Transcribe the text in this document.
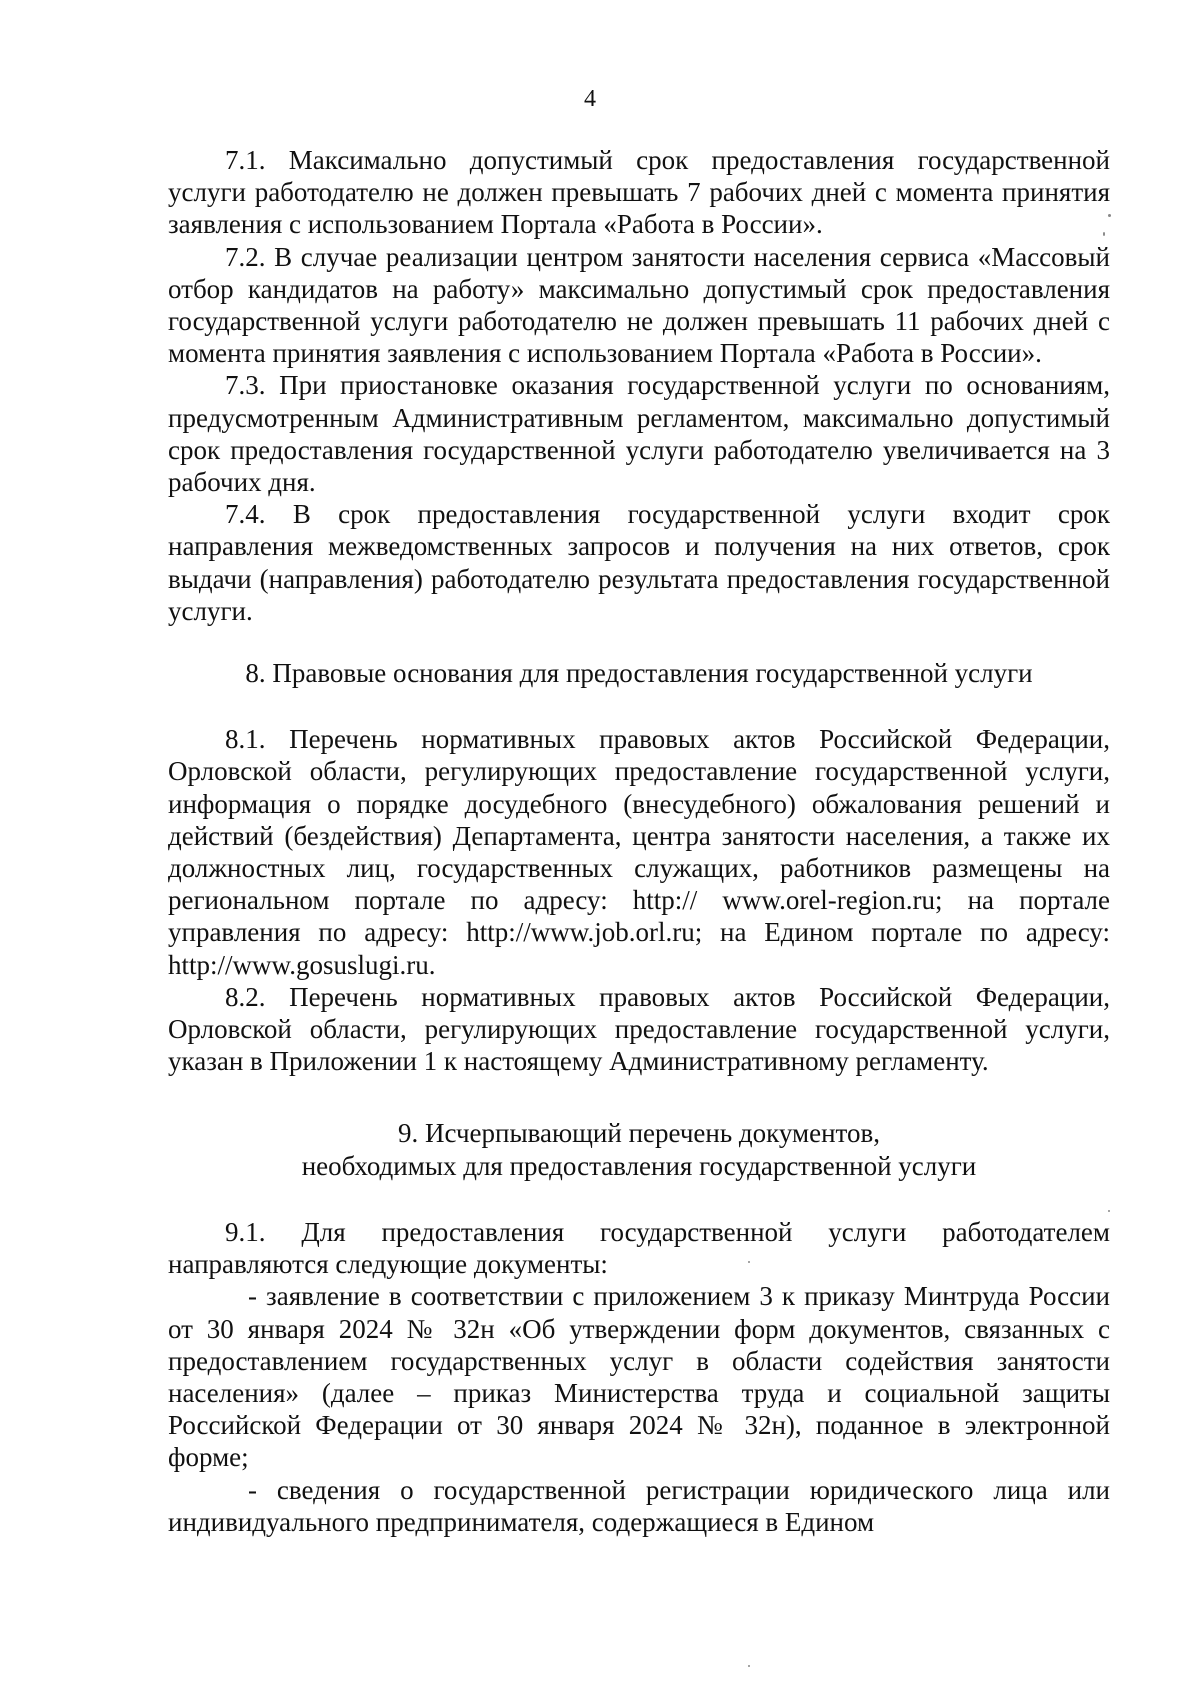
4

7.1. Максимально допустимый срок предоставления государственной услуги работодателю не должен превышать 7 рабочих дней с момента принятия заявления с использованием Портала «Работа в России».

7.2. В случае реализации центром занятости населения сервиса «Массовый отбор кандидатов на работу» максимально допустимый срок предоставления государственной услуги работодателю не должен превышать 11 рабочих дней с момента принятия заявления с использованием Портала «Работа в России».

7.3. При приостановке оказания государственной услуги по основаниям, предусмотренным Административным регламентом, максимально допустимый срок предоставления государственной услуги работодателю увеличивается на 3 рабочих дня.

7.4. В срок предоставления государственной услуги входит срок направления межведомственных запросов и получения на них ответов, срок выдачи (направления) работодателю результата предоставления государственной услуги.

8. Правовые основания для предоставления государственной услуги

8.1. Перечень нормативных правовых актов Российской Федерации, Орловской области, регулирующих предоставление государственной услуги, информация о порядке досудебного (внесудебного) обжалования решений и действий (бездействия) Департамента, центра занятости населения, а также их должностных лиц, государственных служащих, работников размещены на региональном портале по адресу: http:// www.orel-region.ru; на портале управления по адресу: http://www.job.orl.ru; на Едином портале по адресу: http://www.gosuslugi.ru.

8.2. Перечень нормативных правовых актов Российской Федерации, Орловской области, регулирующих предоставление государственной услуги, указан в Приложении 1 к настоящему Административному регламенту.

9. Исчерпывающий перечень документов,

необходимых для предоставления государственной услуги

9.1. Для предоставления государственной услуги работодателем направляются следующие документы:

- заявление в соответствии с приложением 3 к приказу Минтруда России от 30 января 2024 № 32н «Об утверждении форм документов, связанных с предоставлением государственных услуг в области содействия занятости населения» (далее – приказ Министерства труда и социальной защиты Российской Федерации от 30 января 2024 № 32н), поданное в электронной форме;

- сведения о государственной регистрации юридического лица или индивидуального предпринимателя, содержащиеся в Едином
